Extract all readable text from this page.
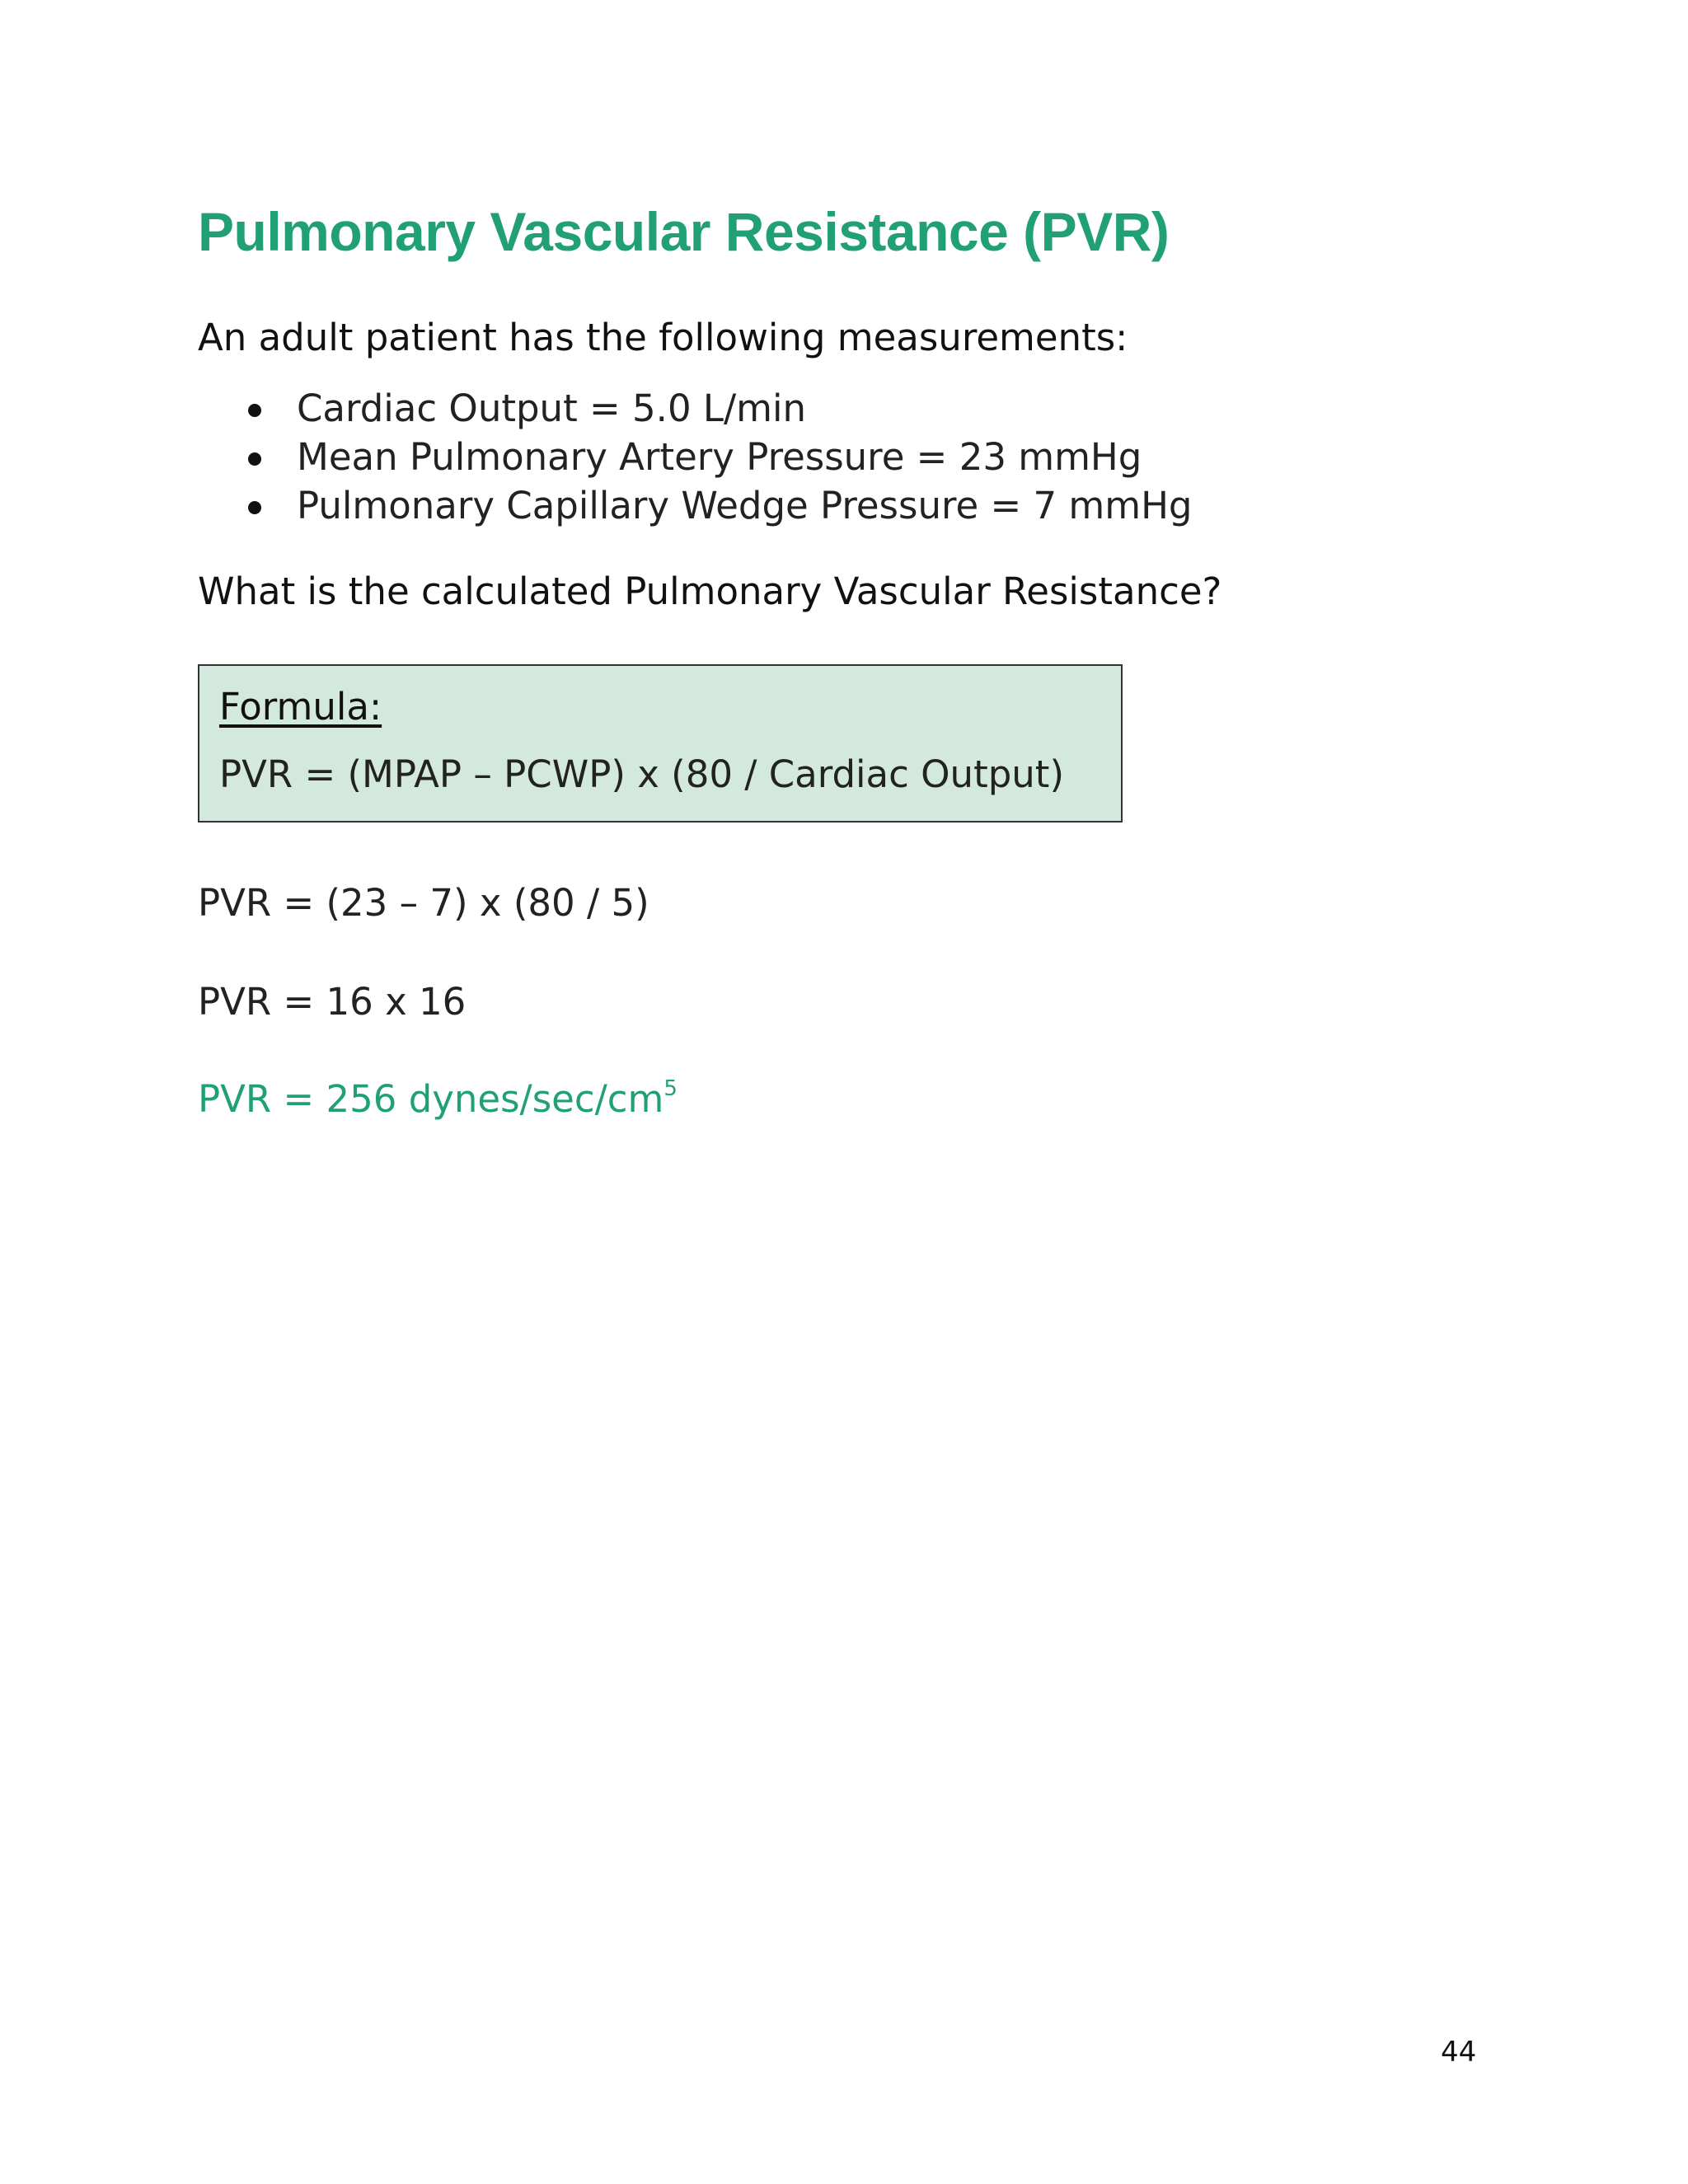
Pulmonary Vascular Resistance (PVR)

An adult patient has the following measurements:

Cardiac Output = 5.0 L/min
Mean Pulmonary Artery Pressure = 23 mmHg
Pulmonary Capillary Wedge Pressure = 7 mmHg

What is the calculated Pulmonary Vascular Resistance?

Formula:
PVR = (MPAP – PCWP) x (80 / Cardiac Output)

PVR = (23 – 7) x (80 / 5)

PVR = 16 x 16

PVR = 256 dynes/$\sec/cm^5$

44
